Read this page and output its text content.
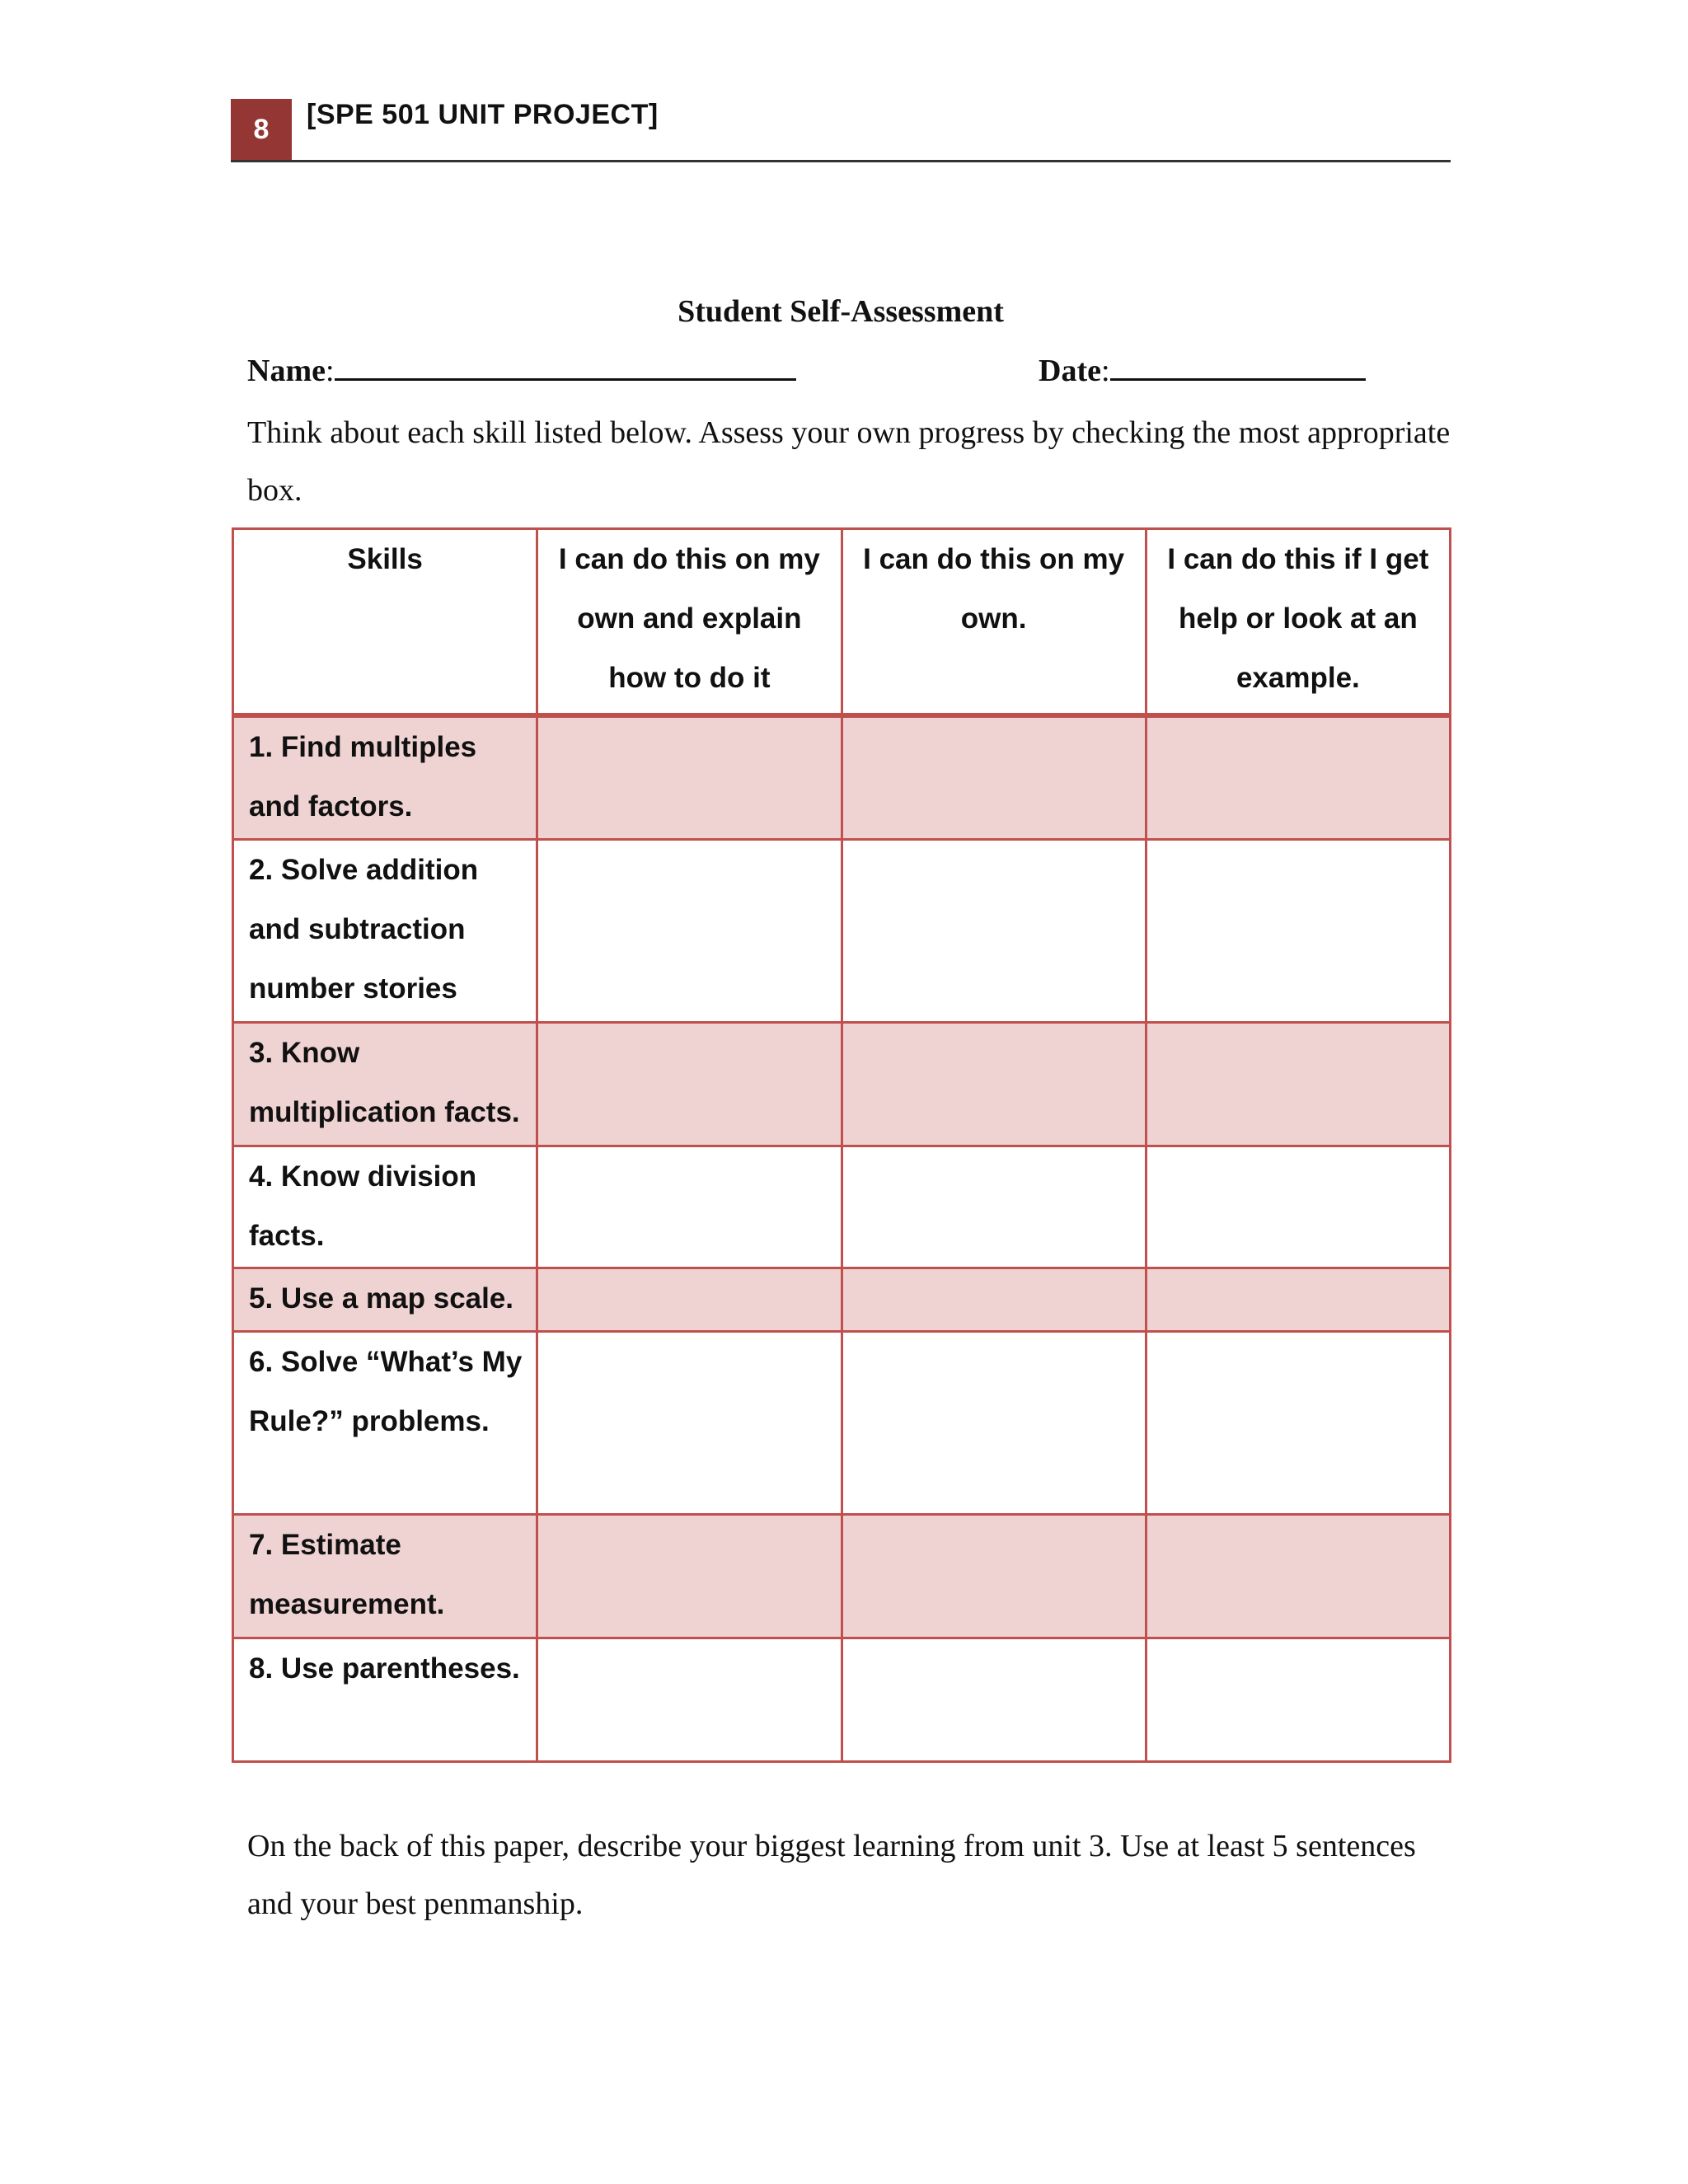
8	[SPE 501 UNIT PROJECT]
Student Self-Assessment
Name:	Date:
Think about each skill listed below. Assess your own progress by checking the most appropriate box.
Skills	I can do this on my own and explain how to do it	I can do this on my own.	I can do this if I get help or look at an example.
1. Find multiples and factors.			
2. Solve addition and subtraction number stories			
3. Know multiplication facts.			
4. Know division facts.			
5. Use a map scale.			
6. Solve “What’s My Rule?” problems.			
7. Estimate measurement.			
8. Use parentheses.			
On the back of this paper, describe your biggest learning from unit 3. Use at least 5 sentences and your best penmanship.
